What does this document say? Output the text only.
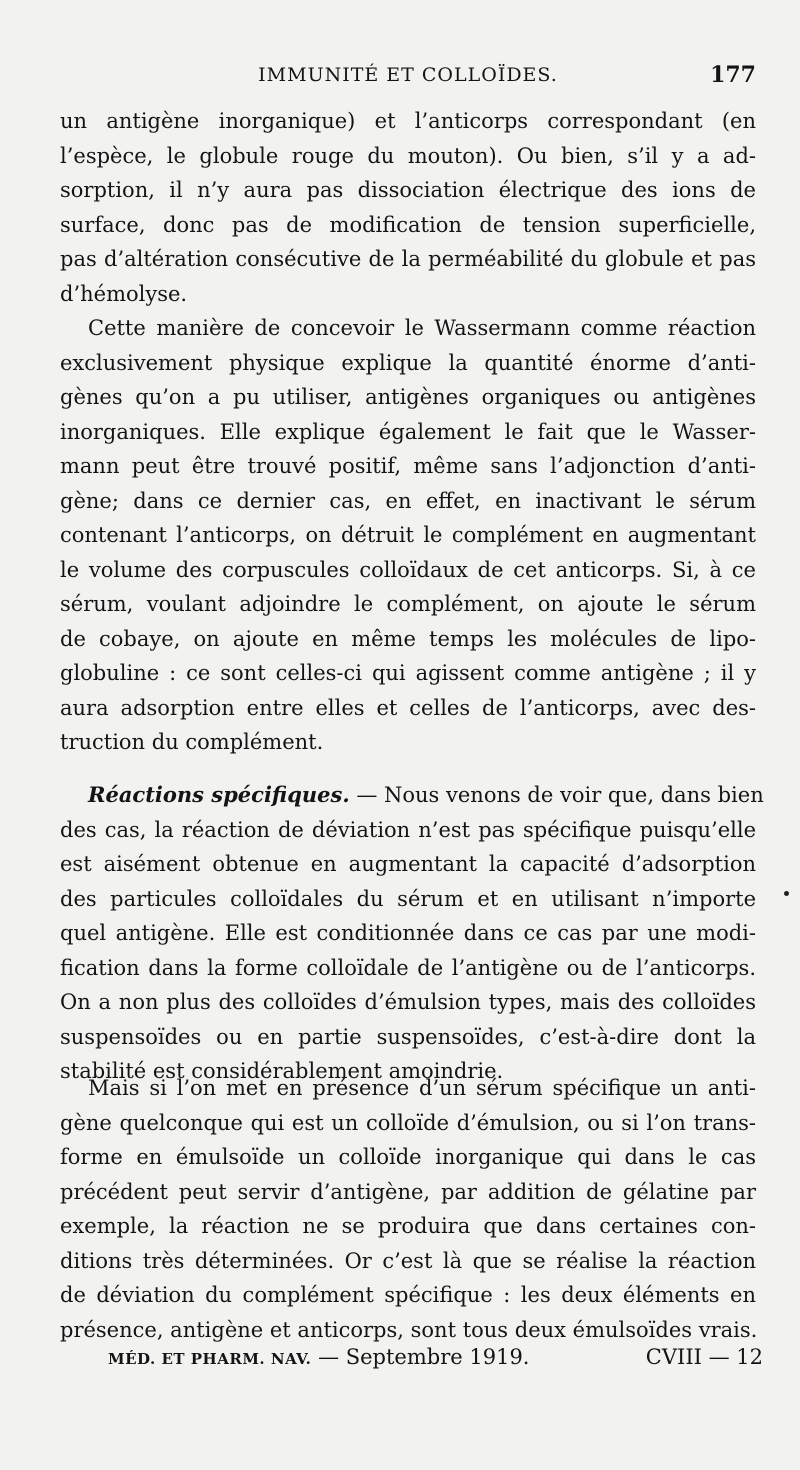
IMMUNITÉ ET COLLOÏDES.	177
un antigène inorganique) et l’anticorps correspondant (en
l’espèce, le globule rouge du mouton). Ou bien, s’il y a ad-
sorption, il n’y aura pas dissociation électrique des ions de
surface, donc pas de modification de tension superficielle,
pas d’altération consécutive de la perméabilité du globule et pas
d’hémolyse.
Cette manière de concevoir le Wassermann comme réaction
exclusivement physique explique la quantité énorme d’anti-
gènes qu’on a pu utiliser, antigènes organiques ou antigènes
inorganiques. Elle explique également le fait que le Wasser-
mann peut être trouvé positif, même sans l’adjonction d’anti-
gène; dans ce dernier cas, en effet, en inactivant le sérum
contenant l’anticorps, on détruit le complément en augmentant
le volume des corpuscules colloïdaux de cet anticorps. Si, à ce
sérum, voulant adjoindre le complément, on ajoute le sérum
de cobaye, on ajoute en même temps les molécules de lipo-
globuline : ce sont celles-ci qui agissent comme antigène ; il y
aura adsorption entre elles et celles de l’anticorps, avec des-
truction du complément.
Réactions spécifiques. — Nous venons de voir que, dans bien
des cas, la réaction de déviation n’est pas spécifique puisqu’elle
est aisément obtenue en augmentant la capacité d’adsorption
des particules colloïdales du sérum et en utilisant n’importe
quel antigène. Elle est conditionnée dans ce cas par une modi-
fication dans la forme colloïdale de l’antigène ou de l’anticorps.
On a non plus des colloïdes d’émulsion types, mais des colloïdes
suspensoïdes ou en partie suspensoïdes, c’est-à-dire dont la
stabilité est considérablement amoindrie.
Mais si l’on met en présence d’un sérum spécifique un anti-
gène quelconque qui est un colloïde d’émulsion, ou si l’on trans-
forme en émulsoïde un colloïde inorganique qui dans le cas
précédent peut servir d’antigène, par addition de gélatine par
exemple, la réaction ne se produira que dans certaines con-
ditions très déterminées. Or c’est là que se réalise la réaction
de déviation du complément spécifique : les deux éléments en
présence, antigène et anticorps, sont tous deux émulsoïdes vrais.
MÉD. ET PHARM. NAV. — Septembre 1919.	CVIII — 12
